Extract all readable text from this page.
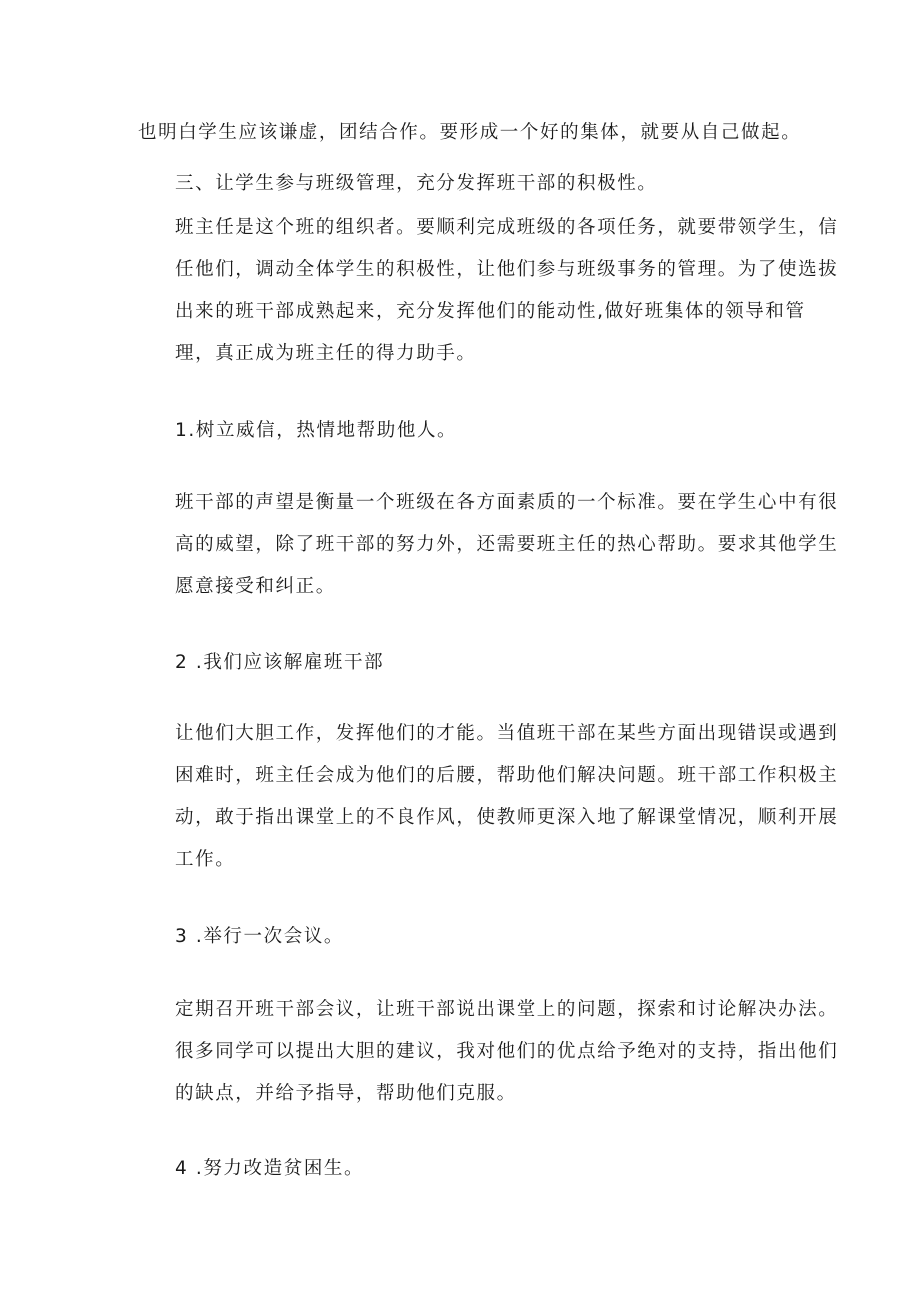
也明白学生应该谦虚，团结合作。要形成一个好的集体，就要从自己做起。

三、让学生参与班级管理，充分发挥班干部的积极性。

班主任是这个班的组织者。要顺利完成班级的各项任务，就要带领学生，信任他们，调动全体学生的积极性，让他们参与班级事务的管理。为了使选拔出来的班干部成熟起来，充分发挥他们的能动性,做好班集体的领导和管理，真正成为班主任的得力助手。

1.树立威信，热情地帮助他人。

班干部的声望是衡量一个班级在各方面素质的一个标准。要在学生心中有很高的威望，除了班干部的努力外，还需要班主任的热心帮助。要求其他学生愿意接受和纠正。

2 .我们应该解雇班干部

让他们大胆工作，发挥他们的才能。当值班干部在某些方面出现错误或遇到困难时，班主任会成为他们的后腰，帮助他们解决问题。班干部工作积极主动，敢于指出课堂上的不良作风，使教师更深入地了解课堂情况，顺利开展工作。

3 .举行一次会议。

定期召开班干部会议，让班干部说出课堂上的问题，探索和讨论解决办法。很多同学可以提出大胆的建议，我对他们的优点给予绝对的支持，指出他们的缺点，并给予指导，帮助他们克服。

4 .努力改造贫困生。
